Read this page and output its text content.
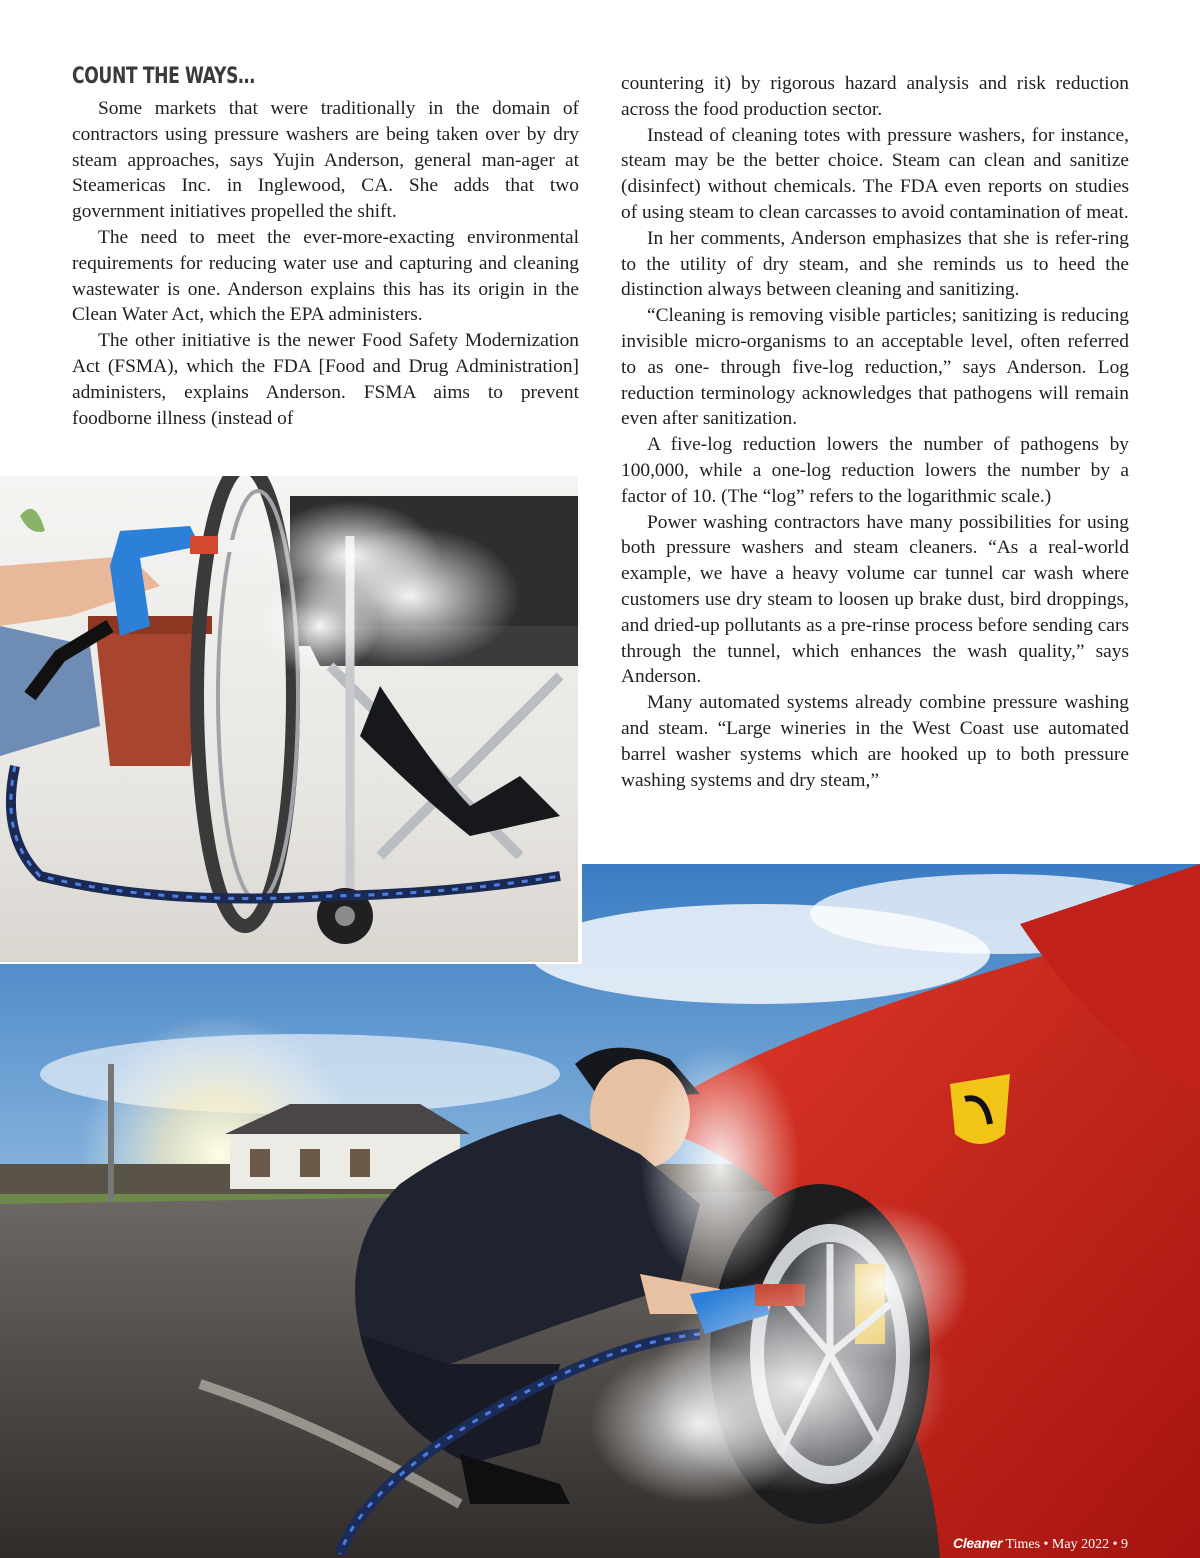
COUNT THE WAYS…

Some markets that were traditionally in the domain of contractors using pressure washers are being taken over by dry steam approaches, says Yujin Anderson, general man-ager at Steamericas Inc. in Inglewood, CA. She adds that two government initiatives propelled the shift.

The need to meet the ever-more-exacting environmental requirements for reducing water use and capturing and cleaning wastewater is one. Anderson explains this has its origin in the Clean Water Act, which the EPA administers.

The other initiative is the newer Food Safety Modernization Act (FSMA), which the FDA [Food and Drug Administration] administers, explains Anderson. FSMA aims to prevent foodborne illness (instead of

countering it) by rigorous hazard analysis and risk reduction across the food production sector.

Instead of cleaning totes with pressure washers, for instance, steam may be the better choice. Steam can clean and sanitize (disinfect) without chemicals. The FDA even reports on studies of using steam to clean carcasses to avoid contamination of meat.

In her comments, Anderson emphasizes that she is refer-ring to the utility of dry steam, and she reminds us to heed the distinction always between cleaning and sanitizing.

“Cleaning is removing visible particles; sanitizing is reducing invisible micro-organisms to an acceptable level, often referred to as one- through five-log reduction,” says Anderson. Log reduction terminology acknowledges that pathogens will remain even after sanitization.

A five-log reduction lowers the number of pathogens by 100,000, while a one-log reduction lowers the number by a factor of 10. (The “log” refers to the logarithmic scale.)

Power washing contractors have many possibilities for using both pressure washers and steam cleaners. “As a real-world example, we have a heavy volume car tunnel car wash where customers use dry steam to loosen up brake dust, bird droppings, and dried-up pollutants as a pre-rinse process before sending cars through the tunnel, which enhances the wash quality,” says Anderson.

Many automated systems already combine pressure washing and steam. “Large wineries in the West Coast use automated barrel washer systems which are hooked up to both pressure washing systems and dry steam,”

Cleaner Times • May 2022 • 9
